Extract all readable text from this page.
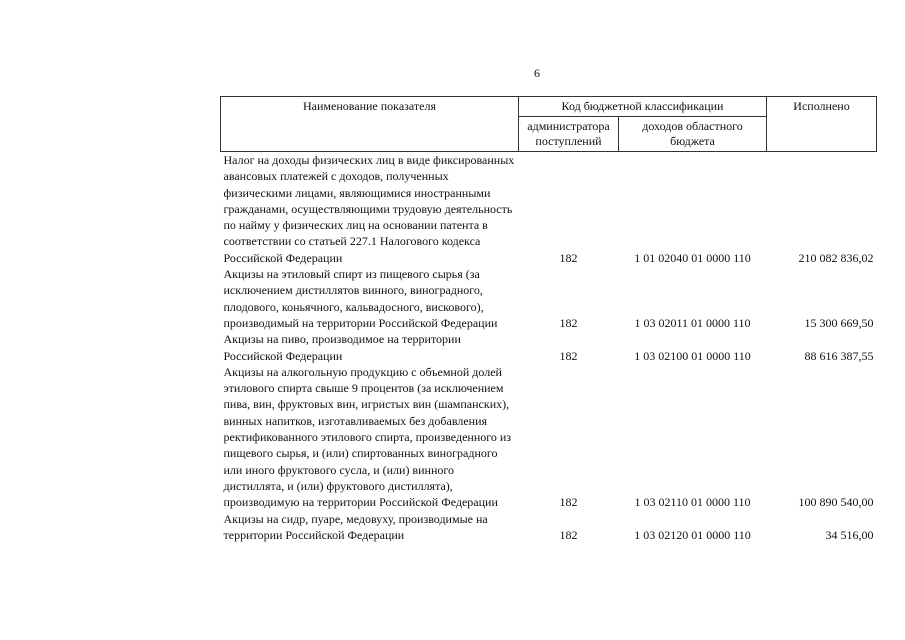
6
Наименование показателя	Код бюджетной классификации		Исполнено
	администратора поступлений	доходов областного бюджета	
Налог на доходы физических лиц в виде фиксированных авансовых платежей с доходов, полученных физическими лицами, являющимися иностранными гражданами, осуществляющими трудовую деятельность по найму у физических лиц на основании патента в соответствии со статьей 227.1 Налогового кодекса Российской Федерации	182	1 01 02040 01 0000 110	210 082 836,02
Акцизы на этиловый спирт из пищевого сырья (за исключением дистиллятов винного, виноградного, плодового, коньячного, кальвадосного, вискового), производимый на территории Российской Федерации	182	1 03 02011 01 0000 110	15 300 669,50
Акцизы на пиво, производимое на территории Российской Федерации	182	1 03 02100 01 0000 110	88 616 387,55
Акцизы на алкогольную продукцию с объемной долей этилового спирта свыше 9 процентов (за исключением пива, вин, фруктовых вин, игристых вин (шампанских), винных напитков, изготавливаемых без добавления ректификованного этилового спирта, произведенного из пищевого сырья, и (или) спиртованных виноградного или иного фруктового сусла, и (или) винного дистиллята, и (или) фруктового дистиллята), производимую на территории Российской Федерации	182	1 03 02110 01 0000 110	100 890 540,00
Акцизы на сидр, пуаре, медовуху, производимые на территории Российской Федерации	182	1 03 02120 01 0000 110	34 516,00
